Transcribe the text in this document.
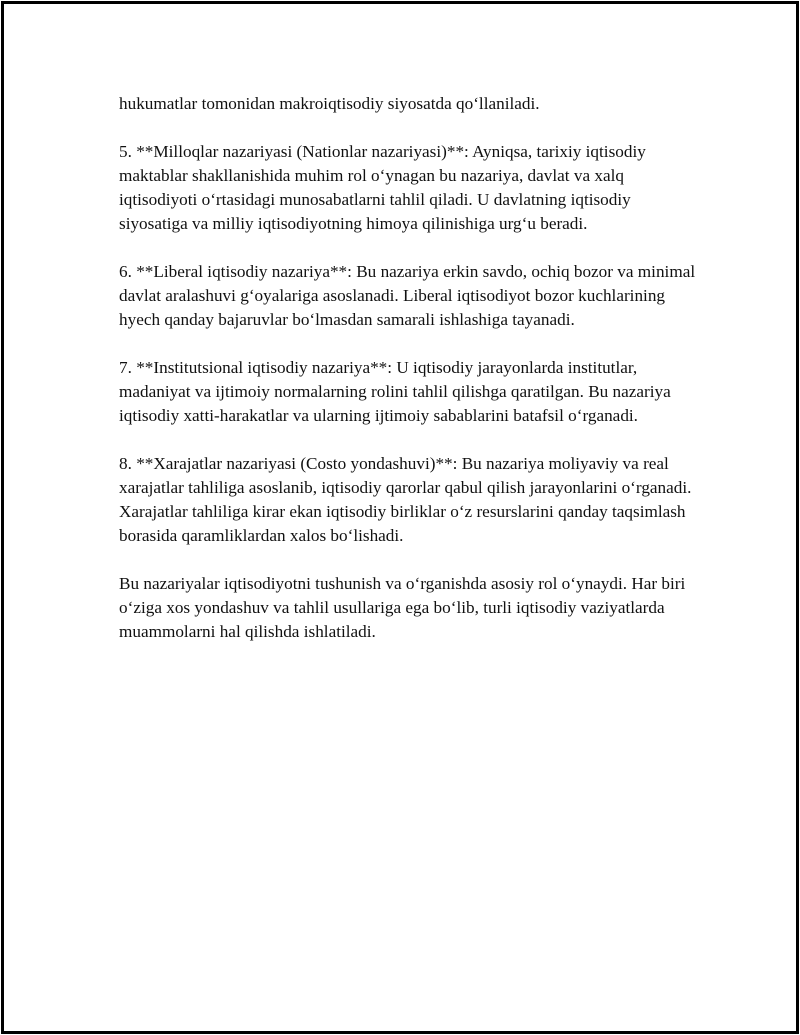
hukumatlar tomonidan makroiqtisodiy siyosatda qo‘llaniladi.

5. **Milloqlar nazariyasi (Nationlar nazariyasi)**: Ayniqsa, tarixiy iqtisodiy maktablar shakllanishida muhim rol o‘ynagan bu nazariya, davlat va xalq iqtisodiyoti o‘rtasidagi munosabatlarni tahlil qiladi. U davlatning iqtisodiy siyosatiga va milliy iqtisodiyotning himoya qilinishiga urg‘u beradi.

6. **Liberal iqtisodiy nazariya**: Bu nazariya erkin savdo, ochiq bozor va minimal davlat aralashuvi g‘oyalariga asoslanadi. Liberal iqtisodiyot bozor kuchlarining hyech qanday bajaruvlar bo‘lmasdan samarali ishlashiga tayanadi.

7. **Institutsional iqtisodiy nazariya**: U iqtisodiy jarayonlarda institutlar, madaniyat va ijtimoiy normalarning rolini tahlil qilishga qaratilgan. Bu nazariya iqtisodiy xatti-harakatlar va ularning ijtimoiy sabablarini batafsil o‘rganadi.

8. **Xarajatlar nazariyasi (Costo yondashuvi)**: Bu nazariya moliyaviy va real xarajatlar tahliliga asoslanib, iqtisodiy qarorlar qabul qilish jarayonlarini o‘rganadi. Xarajatlar tahliliga kirar ekan iqtisodiy birliklar o‘z resurslarini qanday taqsimlash borasida qaramliklardan xalos bo‘lishadi.

Bu nazariyalar iqtisodiyotni tushunish va o‘rganishda asosiy rol o‘ynaydi. Har biri o‘ziga xos yondashuv va tahlil usullariga ega bo‘lib, turli iqtisodiy vaziyatlarda muammolarni hal qilishda ishlatiladi.
